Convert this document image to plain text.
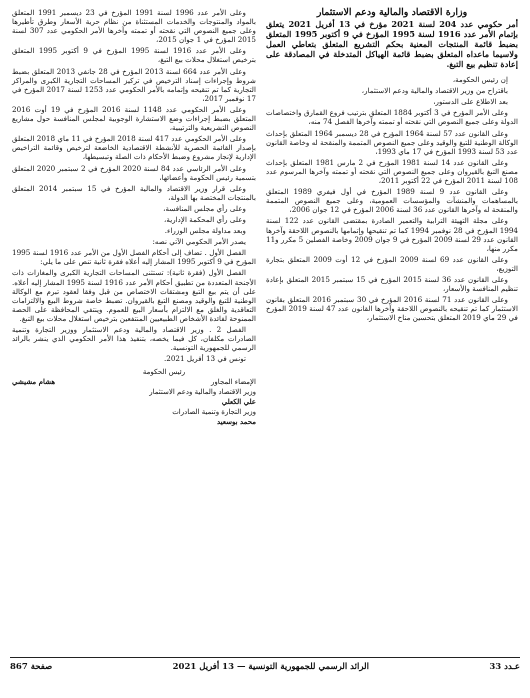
وزارة الاقتصاد والمالية ودعم الاستثمار

أمر حكومي عدد 204 لسنة 2021 مؤرخ في 13 أفريل 2021 يتعلق بإتمام الأمر عدد 1916 لسنة 1995 المؤرخ في 9 أكتوبر 1995 المتعلق بضبط قائمة المنتجات المعنية بحكم التشريع المتعلق بتعاطي العمل ولاسيما ماعداه المتعلق بضبط قائمة الهياكل المتدخلة في المصادقة على إعادة تنظيم بيع التبغ.

إن رئيس الحكومة،

باقتراح من وزير الاقتصاد والمالية ودعم الاستثمار،

بعد الاطلاع على الدستور،

وعلى الأمر المؤرخ في 3 أكتوبر 1884 المتعلق بترتيب فروع القمارق واختصاصات الدولة وعلى جميع النصوص التي نقحته أو تممته وآخرها الفصل 74 منه،

وعلى القانون عدد 57 لسنة 1964 المؤرخ في 28 ديسمبر 1964 المتعلق بإحداث الوكالة الوطنية للتبغ والوقيد وعلى جميع النصوص المتممة والمنقحة له وخاصة القانون عدد 53 لسنة 1993 المؤرخ في 17 ماي 1993،

وعلى القانون عدد 14 لسنة 1981 المؤرخ في 2 مارس 1981 المتعلق بإحداث مصنع التبغ بالقيروان وعلى جميع النصوص التي نقحته أو تممته وآخرها المرسوم عدد 108 لسنة 2011 المؤرخ في 22 أكتوبر 2011،

وعلى القانون عدد 9 لسنة 1989 المؤرخ في أول فيفري 1989 المتعلق بالمساهمات والمنشآت والمؤسسات العمومية، وعلى جميع النصوص المتممة والمنقحة له وآخرها القانون عدد 36 لسنة 2006 المؤرخ في 12 جوان 2006،

وعلى مجلة التهيئة الترابية والتعمير الصادرة بمقتضى القانون عدد 122 لسنة 1994 المؤرخ في 28 نوفمبر 1994 كما تم تنقيحها وإتمامها بالنصوص اللاحقة وآخرها القانون عدد 29 لسنة 2009 المؤرخ في 9 جوان 2009 وخاصة الفصلين 5 مكرر و11 مكرر منها،

وعلى القانون عدد 69 لسنة 2009 المؤرخ في 12 أوت 2009 المتعلق بتجارة التوزيع،

وعلى القانون عدد 36 لسنة 2015 المؤرخ في 15 سبتمبر 2015 المتعلق بإعادة تنظيم المنافسة والأسعار،

وعلى القانون عدد 71 لسنة 2016 المؤرخ في 30 سبتمبر 2016 المتعلق بقانون الاستثمار كما تم تنقيحه بالنصوص اللاحقة وآخرها القانون عدد 47 لسنة 2019 المؤرخ في 29 ماي 2019 المتعلق بتحسين مناخ الاستثمار،

وعلى الأمر عدد 1996 لسنة 1991 المؤرخ في 23 ديسمبر 1991 المتعلق بالمواد والمنتوجات والخدمات المستثناة من نظام حرية الأسعار وطرق تأطيرها وعلى جميع النصوص التي نقحته أو تممته وآخرها الأمر الحكومي عدد 307 لسنة 2015 المؤرخ في 1 جوان 2015،

وعلى الأمر عدد 1916 لسنة 1995 المؤرخ في 9 أكتوبر 1995 المتعلق بترخيص استغلال محلات بيع التبغ،

وعلى الأمر عدد 664 لسنة 2013 المؤرخ في 28 جانفي 2013 المتعلق بضبط شروط وإجراءات إسناد الترخيص في تركيز المساحات التجارية الكبرى والمراكز التجارية كما تم تنقيحه وإتمامه بالأمر الحكومي عدد 1253 لسنة 2017 المؤرخ في 17 نوفمبر 2017،

وعلى الأمر الحكومي عدد 1148 لسنة 2016 المؤرخ في 19 أوت 2016 المتعلق بضبط إجراءات وضع الاستشارة الوجوبية لمجلس المنافسة حول مشاريع النصوص التشريعية والترتيبية،

وعلى الأمر الحكومي عدد 417 لسنة 2018 المؤرخ في 11 ماي 2018 المتعلق بإصدار القائمة الحصرية للأنشطة الاقتصادية الخاضعة لترخيص وقائمة التراخيص الإدارية لإنجاز مشروع وضبط الأحكام ذات الصلة وتبسيطها،

وعلى الأمر الرئاسي عدد 84 لسنة 2020 المؤرخ في 2 سبتمبر 2020 المتعلق بتسمية رئيس الحكومة وأعضائها،

وعلى قرار وزير الاقتصاد والمالية المؤرخ في 15 سبتمبر 2014 المتعلق بالمنتجات المختصة بها الدولة،

وعلى رأي مجلس المنافسة،

وعلى رأي المحكمة الإدارية،

وبعد مداولة مجلس الوزراء.

يصدر الأمر الحكومي الآتي نصه:

الفصل الأول . تضاف إلى أحكام الفصل الأول من الأمر عدد 1916 لسنة 1995 المؤرخ في 9 أكتوبر 1995 المشار إليه أعلاه فقرة ثانية تنص على ما يلي:

الفصل الأول (فقرة ثانية): تستثنى المساحات التجارية الكبرى والمغازات ذات الأجنحة المتعددة من تطبيق أحكام الأمر عدد 1916 لسنة 1995 المشار إليه أعلاه. على أن يتم بيع التبغ ومشتقات الاختصاص من قبل وفقا لعقود تبرم مع الوكالة الوطنية للتبغ والوقيد ومصنع التبغ بالقيروان. تضبط خاصة شروط البيع والالتزامات التعاقدية والغلق مع الالتزام بأسعار البيع للعموم. وينتفي المحافظة على الحصة الممنوحة لفائدة الأشخاص الطبيعيين المنتفعين بترخيص استغلال محلات بيع التبغ.

الفصل 2 . وزير الاقتصاد والمالية ودعم الاستثمار ووزير التجارة وتنمية الصادرات مكلفان، كل فيما يخصه، بتنفيذ هذا الأمر الحكومي الذي ينشر بالرائد الرسمي للجمهورية التونسية.

تونس في 13 أفريل 2021.

رئيس الحكومة
الإمضاء المجاور
هشام مشيشي
وزير الاقتصاد والمالية ودعم الاستثمار
علي الكعلي
وزير التجارة وتنمية الصادرات
محمد بوسعيد
عـدد 33
الرائد الرسمي للجمهورية التونسية — 13 أفريل 2021
صفحة 867
